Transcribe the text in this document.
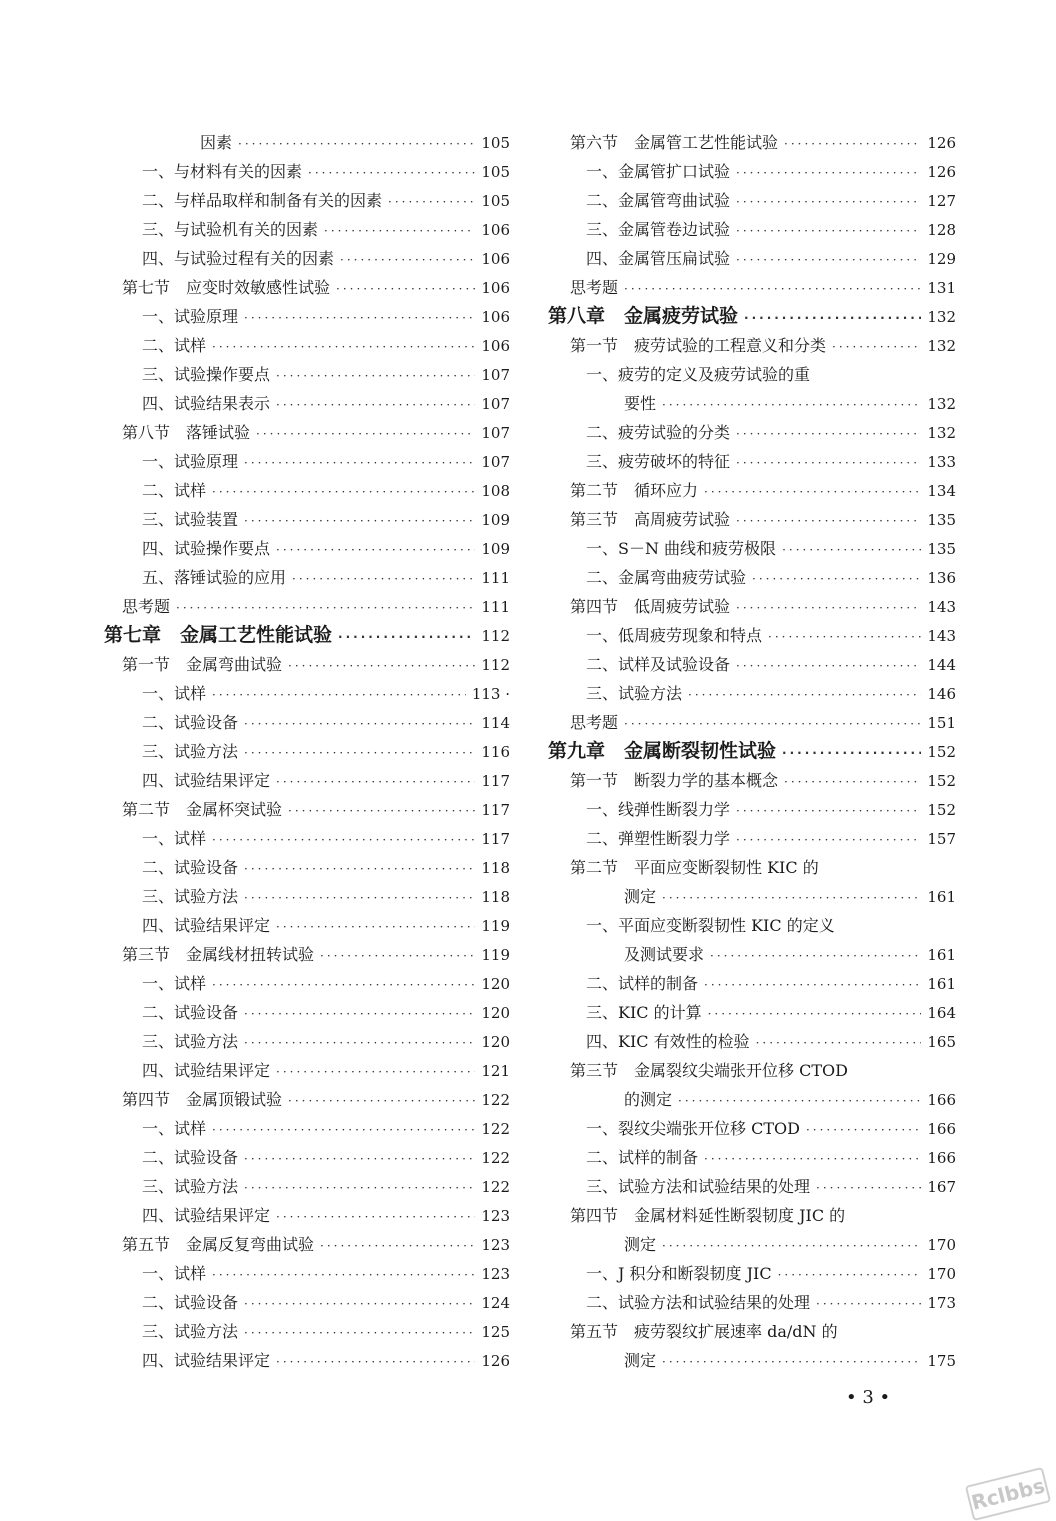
因素 ·····	105
一、与材料有关的因素 ·····	105
二、与样品取样和制备有关的因素 ·····	105
三、与试验机有关的因素 ·····	106
四、与试验过程有关的因素 ·····	106
第七节　应变时效敏感性试验 ·····	106
一、试验原理 ·····	106
二、试样 ·····	106
三、试验操作要点 ·····	107
四、试验结果表示 ·····	107
第八节　落锤试验 ·····	107
一、试验原理 ·····	107
二、试样 ·····	108
三、试验装置 ·····	109
四、试验操作要点 ·····	109
五、落锤试验的应用 ·····	111
思考题 ·····	111
第七章　金属工艺性能试验 ·····	112
第一节　金属弯曲试验 ·····	112
一、试样 ·····	113 ·
二、试验设备 ·····	114
三、试验方法 ·····	116
四、试验结果评定 ·····	117
第二节　金属杯突试验 ·····	117
一、试样 ·····	117
二、试验设备 ·····	118
三、试验方法 ·····	118
四、试验结果评定 ·····	119
第三节　金属线材扭转试验 ·····	119
一、试样 ·····	120
二、试验设备 ·····	120
三、试验方法 ·····	120
四、试验结果评定 ·····	121
第四节　金属顶锻试验 ·····	122
一、试样 ·····	122
二、试验设备 ·····	122
三、试验方法 ·····	122
四、试验结果评定 ·····	123
第五节　金属反复弯曲试验 ·····	123
一、试样 ·····	123
二、试验设备 ·····	124
三、试验方法 ·····	125
四、试验结果评定 ·····	126
第六节　金属管工艺性能试验 ·····	126
一、金属管扩口试验 ·····	126
二、金属管弯曲试验 ·····	127
三、金属管卷边试验 ·····	128
四、金属管压扁试验 ·····	129
思考题 ·····	131
第八章　金属疲劳试验 ·····	132
第一节　疲劳试验的工程意义和分类 ·····	132
一、疲劳的定义及疲劳试验的重
要性 ·····	132
二、疲劳试验的分类 ·····	132
三、疲劳破坏的特征 ·····	133
第二节　循环应力 ·····	134
第三节　高周疲劳试验 ·····	135
一、S－N 曲线和疲劳极限 ·····	135
二、金属弯曲疲劳试验 ·····	136
第四节　低周疲劳试验 ·····	143
一、低周疲劳现象和特点 ·····	143
二、试样及试验设备 ·····	144
三、试验方法 ·····	146
思考题 ·····	151
第九章　金属断裂韧性试验 ·····	152
第一节　断裂力学的基本概念 ·····	152
一、线弹性断裂力学 ·····	152
二、弹塑性断裂力学 ·····	157
第二节　平面应变断裂韧性 KIC 的
测定 ·····	161
一、平面应变断裂韧性 KIC 的定义
及测试要求 ·····	161
二、试样的制备 ·····	161
三、KIC 的计算 ·····	164
四、KIC 有效性的检验 ·····	165
第三节　金属裂纹尖端张开位移 CTOD
的测定 ·····	166
一、裂纹尖端张开位移 CTOD ·····	166
二、试样的制备 ·····	166
三、试验方法和试验结果的处理 ·····	167
第四节　金属材料延性断裂韧度 JIC 的
测定 ·····	170
一、J 积分和断裂韧度 JIC ·····	170
二、试验方法和试验结果的处理 ·····	173
第五节　疲劳裂纹扩展速率 da/dN 的
测定 ·····	175
• 3 •
Rclbbs
